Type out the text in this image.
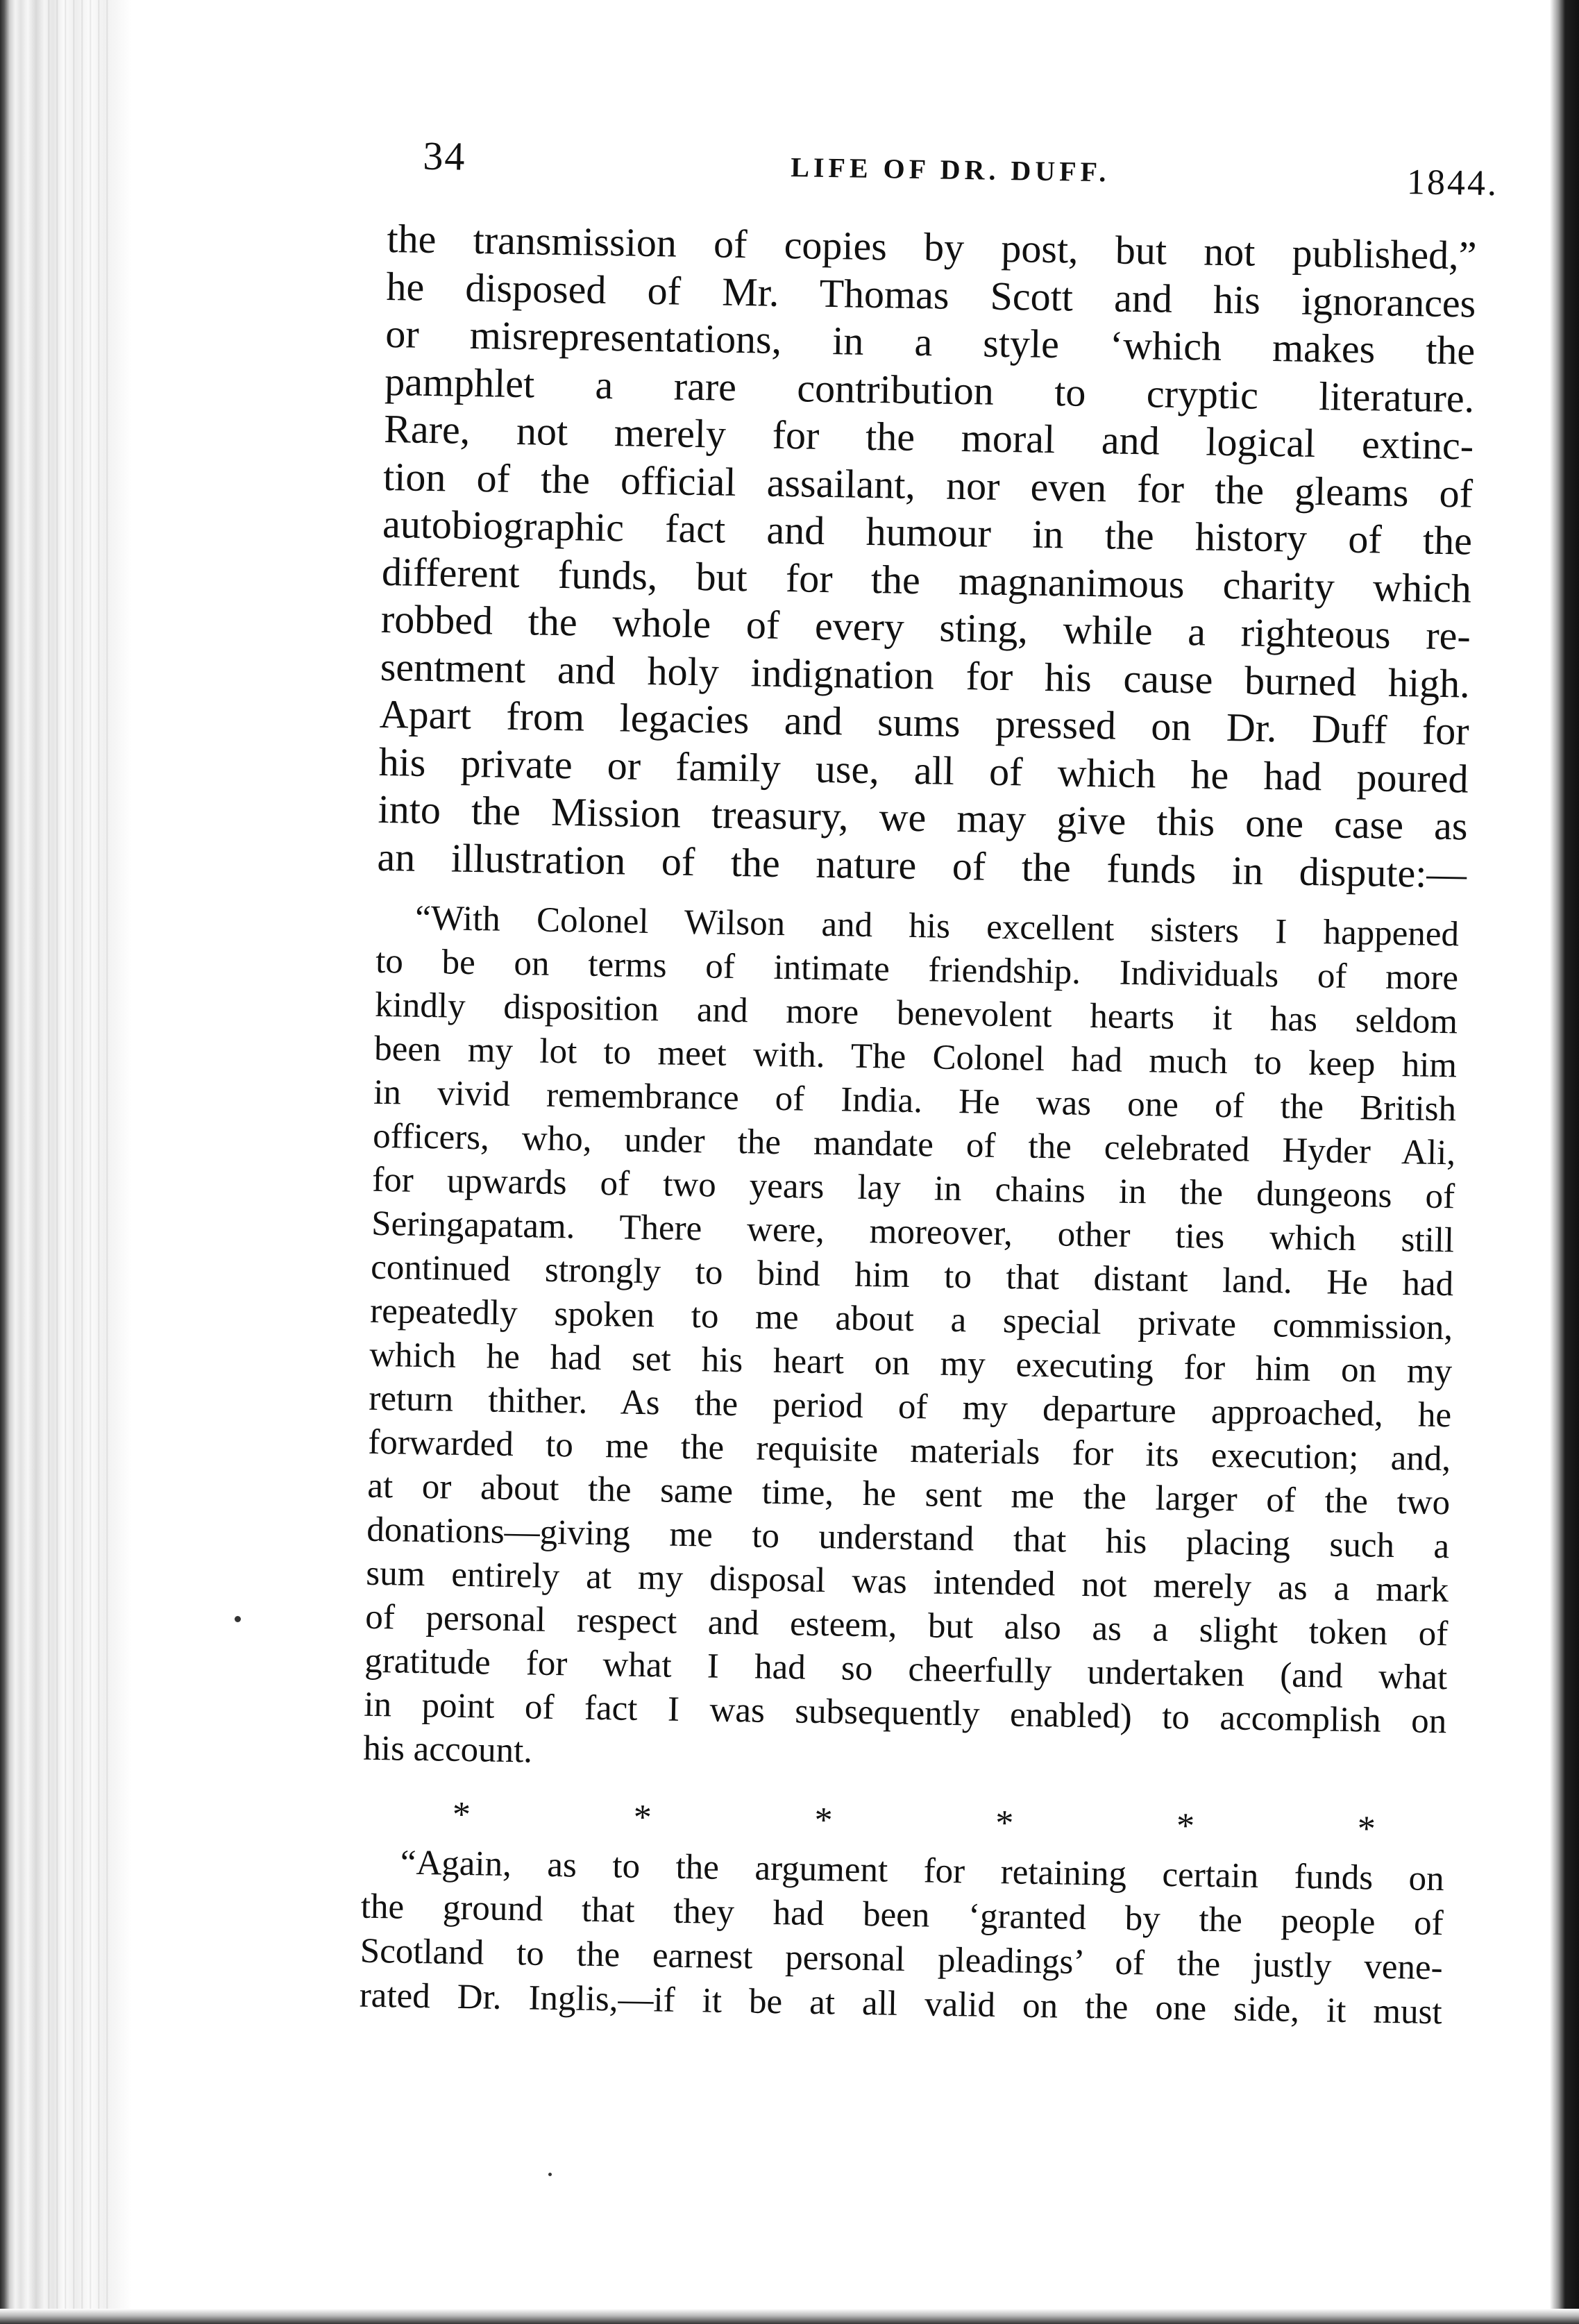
34	LIFE OF DR. DUFF.	1844.
the transmission of copies by post, but not published,”
he disposed of Mr. Thomas Scott and his ignorances
or misrepresentations, in a style ʻwhich makes the
pamphlet a rare contribution to cryptic literature.
Rare, not merely for the moral and logical extinc-
tion of the official assailant, nor even for the gleams of
autobiographic fact and humour in the history of the
different funds, but for the magnanimous charity which
robbed the whole of every sting, while a righteous re-
sentment and holy indignation for his cause burned high.
Apart from legacies and sums pressed on Dr. Duff for
his private or family use, all of which he had poured
into the Mission treasury, we may give this one case as
an illustration of the nature of the funds in dispute:—
“With Colonel Wilson and his excellent sisters I happened
to be on terms of intimate friendship. Individuals of more
kindly disposition and more benevolent hearts it has seldom
been my lot to meet with. The Colonel had much to keep him
in vivid remembrance of India. He was one of the British
officers, who, under the mandate of the celebrated Hyder Ali,
for upwards of two years lay in chains in the dungeons of
Seringapatam. There were, moreover, other ties which still
continued strongly to bind him to that distant land. He had
repeatedly spoken to me about a special private commission,
which he had set his heart on my executing for him on my
return thither. As the period of my departure approached, he
forwarded to me the requisite materials for its execution; and,
at or about the same time, he sent me the larger of the two
donations—giving me to understand that his placing such a
sum entirely at my disposal was intended not merely as a mark
of personal respect and esteem, but also as a slight token of
gratitude for what I had so cheerfully undertaken (and what
in point of fact I was subsequently enabled) to accomplish on
his account.
*	*	*	*	*	*
“Again, as to the argument for retaining certain funds on
the ground that they had been ‘granted by the people of
Scotland to the earnest personal pleadings’ of the justly vene-
rated Dr. Inglis,—if it be at all valid on the one side, it must
